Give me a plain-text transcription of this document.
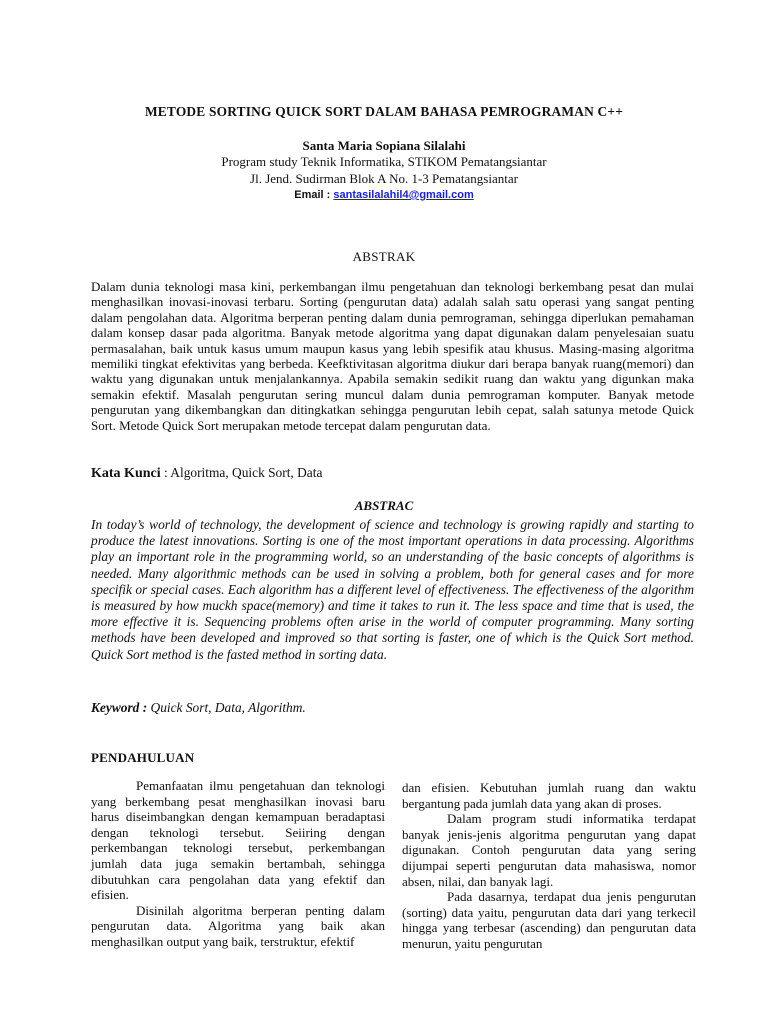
METODE SORTING QUICK SORT DALAM BAHASA PEMROGRAMAN C++
Santa Maria Sopiana Silalahi
Program study Teknik Informatika, STIKOM Pematangsiantar
Jl. Jend. Sudirman Blok A No. 1-3 Pematangsiantar
Email : santasilalahil4@gmail.com
ABSTRAK
Dalam dunia teknologi masa kini, perkembangan ilmu pengetahuan dan teknologi berkembang pesat dan mulai menghasilkan inovasi-inovasi terbaru. Sorting (pengurutan data) adalah salah satu operasi yang sangat penting dalam pengolahan data. Algoritma berperan penting dalam dunia pemrograman, sehingga diperlukan pemahaman dalam konsep dasar pada algoritma. Banyak metode algoritma yang dapat digunakan dalam penyelesaian suatu permasalahan, baik untuk kasus umum maupun kasus yang lebih spesifik atau khusus. Masing-masing algoritma memiliki tingkat efektivitas yang berbeda. Keefktivitasan algoritma diukur dari berapa banyak ruang(memori) dan waktu yang digunakan untuk menjalankannya. Apabila semakin sedikit ruang dan waktu yang digunkan maka semakin efektif. Masalah pengurutan sering muncul dalam dunia pemrograman komputer. Banyak metode pengurutan yang dikembangkan dan ditingkatkan sehingga pengurutan lebih cepat, salah satunya metode Quick Sort. Metode Quick Sort merupakan metode tercepat dalam pengurutan data.
Kata Kunci : Algoritma, Quick Sort, Data
ABSTRAC
In today’s world of technology, the development of science and technology is growing rapidly and starting to produce the latest innovations. Sorting is one of the most important operations in data processing. Algorithms play an important role in the programming world, so an understanding of the basic concepts of algorithms is needed. Many algorithmic methods can be used in solving a problem, both for general cases and for more specifik or special cases. Each algorithm has a different level of effectiveness. The effectiveness of the algorithm is measured by how muckh space(memory) and time it takes to run it. The less space and time that is used, the more effective it is. Sequencing problems often arise in the world of computer programming. Many sorting methods have been developed and improved so that sorting is faster, one of which is the Quick Sort method. Quick Sort method is the fasted method in sorting data.
Keyword : Quick Sort, Data, Algorithm.
PENDAHULUAN

Pemanfaatan ilmu pengetahuan dan teknologi yang berkembang pesat menghasilkan inovasi baru harus diseimbangkan dengan kemampuan beradaptasi dengan teknologi tersebut. Seiiring dengan perkembangan teknologi tersebut, perkembangan jumlah data juga semakin bertambah, sehingga dibutuhkan cara pengolahan data yang efektif dan efisien.

Disinilah algoritma berperan penting dalam pengurutan data. Algoritma yang baik akan menghasilkan output yang baik, terstruktur, efektif

dan efisien. Kebutuhan jumlah ruang dan waktu bergantung pada jumlah data yang akan di proses.

Dalam program studi informatika terdapat banyak jenis-jenis algoritma pengurutan yang dapat digunakan. Contoh pengurutan data yang sering dijumpai seperti pengurutan data mahasiswa, nomor absen, nilai, dan banyak lagi.

Pada dasarnya, terdapat dua jenis pengurutan (sorting) data yaitu, pengurutan data dari yang terkecil hingga yang terbesar (ascending) dan pengurutan data menurun, yaitu pengurutan
